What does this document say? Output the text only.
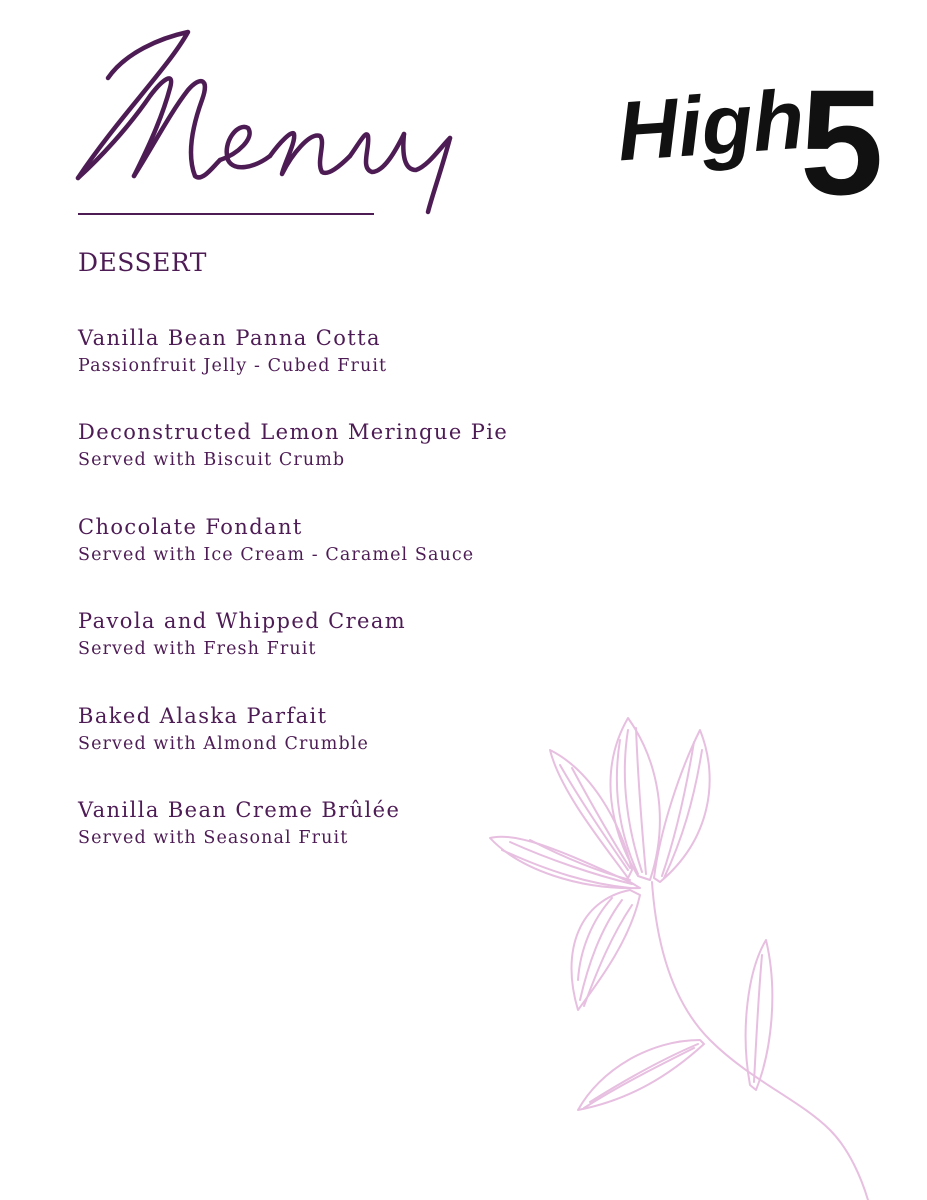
High
5
DESSERT
Vanilla Bean Panna Cotta
Passionfruit Jelly - Cubed Fruit
Deconstructed Lemon Meringue Pie
Served with Biscuit Crumb
Chocolate Fondant
Served with Ice Cream - Caramel Sauce
Pavola and Whipped Cream
Served with Fresh Fruit
Baked Alaska Parfait
Served with Almond Crumble
Vanilla Bean Creme Brûlée
Served with Seasonal Fruit
